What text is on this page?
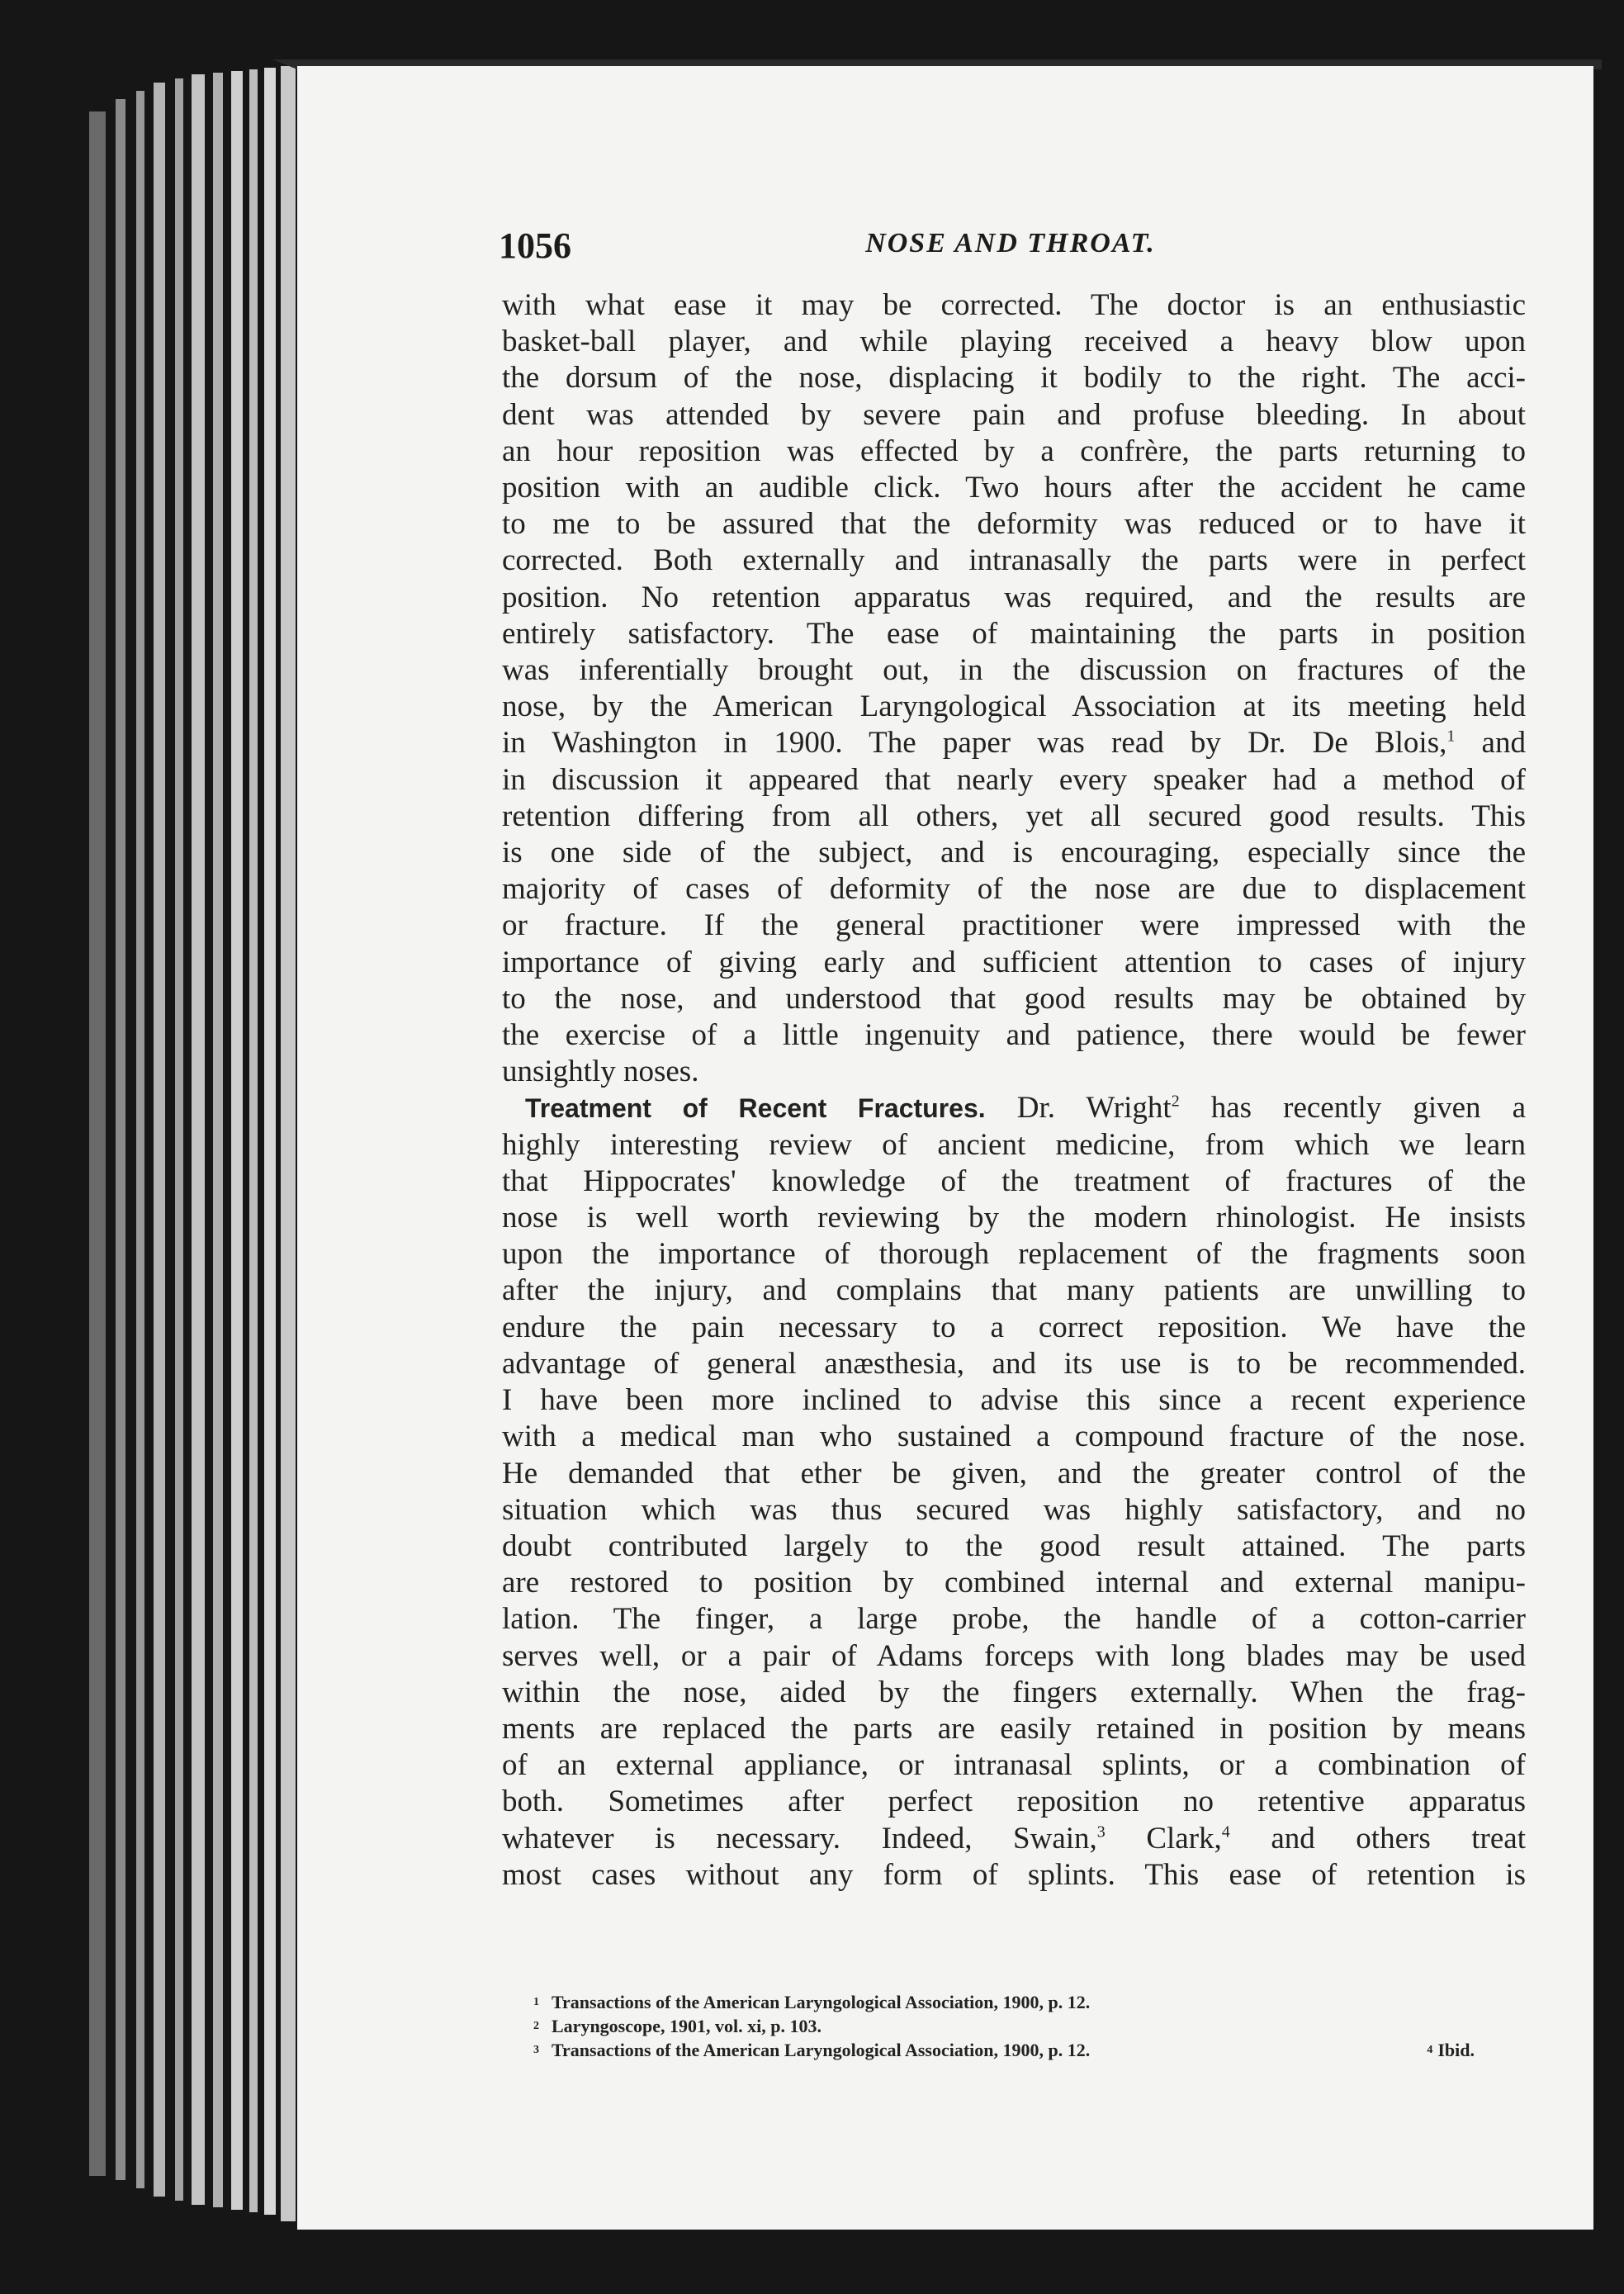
1056	NOSE AND THROAT.
with what ease it may be corrected. The doctor is an enthusiastic
basket-ball player, and while playing received a heavy blow upon
the dorsum of the nose, displacing it bodily to the right. The acci-
dent was attended by severe pain and profuse bleeding. In about
an hour reposition was effected by a confrère, the parts returning to
position with an audible click. Two hours after the accident he came
to me to be assured that the deformity was reduced or to have it
corrected. Both externally and intranasally the parts were in perfect
position. No retention apparatus was required, and the results are
entirely satisfactory. The ease of maintaining the parts in position
was inferentially brought out, in the discussion on fractures of the
nose, by the American Laryngological Association at its meeting held
in Washington in 1900. The paper was read by Dr. De Blois,$^1$ and
in discussion it appeared that nearly every speaker had a method of
retention differing from all others, yet all secured good results. This
is one side of the subject, and is encouraging, especially since the
majority of cases of deformity of the nose are due to displacement
or fracture. If the general practitioner were impressed with the
importance of giving early and sufficient attention to cases of injury
to the nose, and understood that good results may be obtained by
the exercise of a little ingenuity and patience, there would be fewer
unsightly noses.
Treatment of Recent Fractures. Dr. Wright$^2$ has recently given a
highly interesting review of ancient medicine, from which we learn
that Hippocrates' knowledge of the treatment of fractures of the
nose is well worth reviewing by the modern rhinologist. He insists
upon the importance of thorough replacement of the fragments soon
after the injury, and complains that many patients are unwilling to
endure the pain necessary to a correct reposition. We have the
advantage of general anæsthesia, and its use is to be recommended.
I have been more inclined to advise this since a recent experience
with a medical man who sustained a compound fracture of the nose.
He demanded that ether be given, and the greater control of the
situation which was thus secured was highly satisfactory, and no
doubt contributed largely to the good result attained. The parts
are restored to position by combined internal and external manipu-
lation. The finger, a large probe, the handle of a cotton-carrier
serves well, or a pair of Adams forceps with long blades may be used
within the nose, aided by the fingers externally. When the frag-
ments are replaced the parts are easily retained in position by means
of an external appliance, or intranasal splints, or a combination of
both. Sometimes after perfect reposition no retentive apparatus
whatever is necessary. Indeed, Swain,$^3$ Clark,$^4$ and others treat
most cases without any form of splints. This ease of retention is
1 Transactions of the American Laryngological Association, 1900, p. 12.
2 Laryngoscope, 1901, vol. xi, p. 103.
3 Transactions of the American Laryngological Association, 1900, p. 12.	$^4$ Ibid.
